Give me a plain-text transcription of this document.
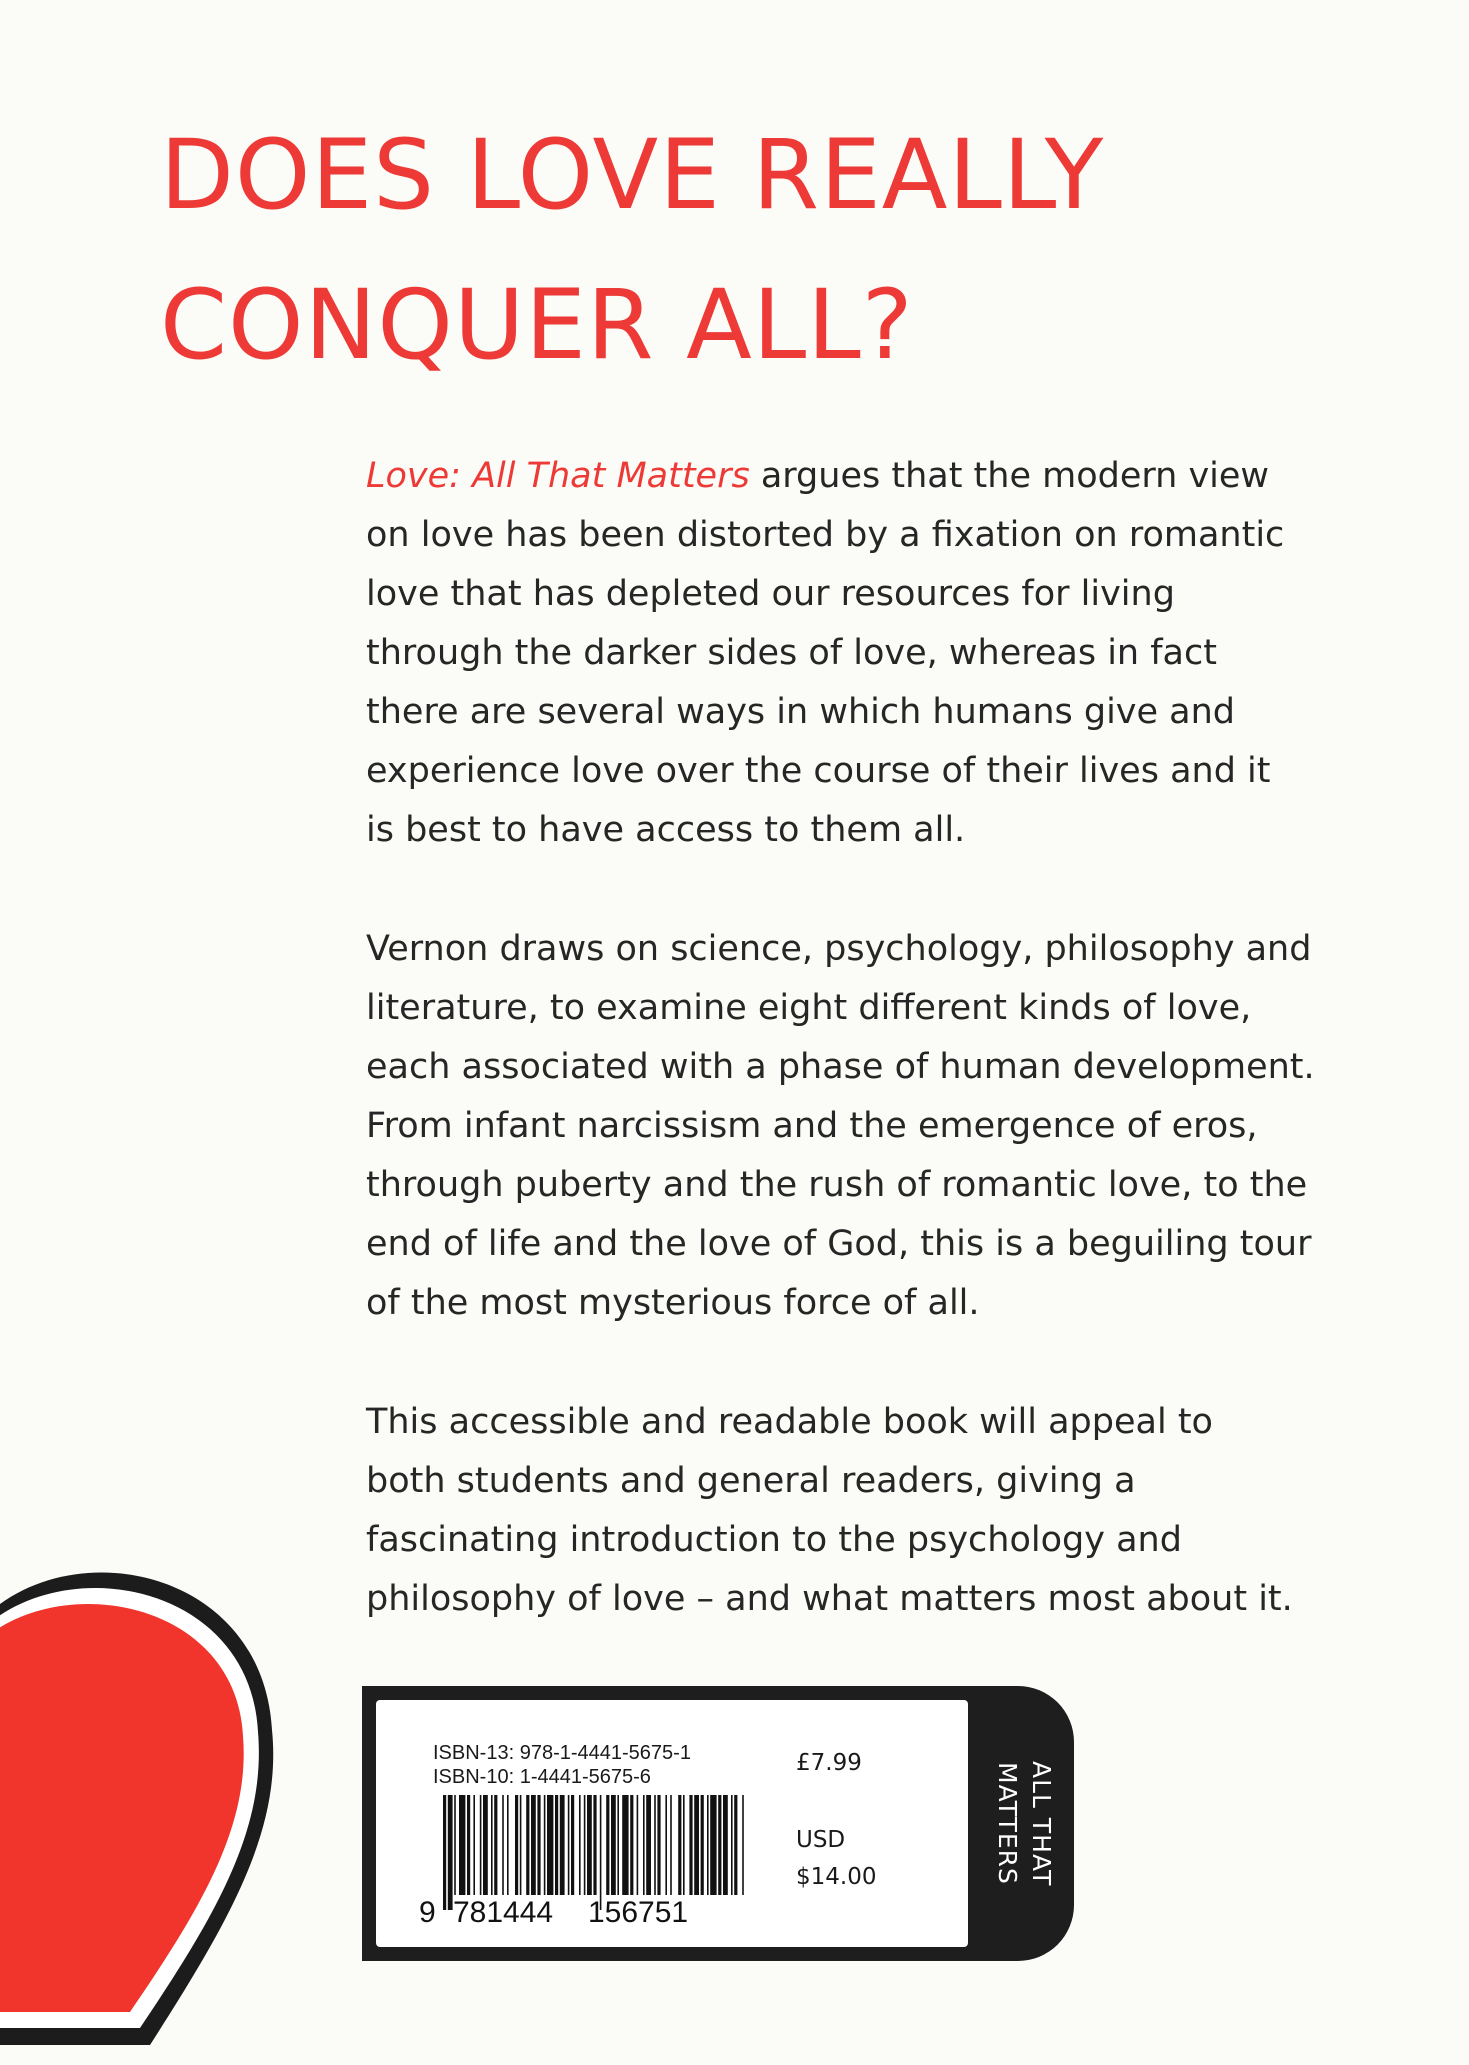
DOES LOVE REALLY
CONQUER ALL?

Love: All That Matters argues that the modern view
on love has been distorted by a fixation on romantic
love that has depleted our resources for living
through the darker sides of love, whereas in fact
there are several ways in which humans give and
experience love over the course of their lives and it
is best to have access to them all.

Vernon draws on science, psychology, philosophy and
literature, to examine eight different kinds of love,
each associated with a phase of human development.
From infant narcissism and the emergence of eros,
through puberty and the rush of romantic love, to the
end of life and the love of God, this is a beguiling tour
of the most mysterious force of all.

This accessible and readable book will appeal to
both students and general readers, giving a
fascinating introduction to the psychology and
philosophy of love – and what matters most about it.

ISBN-13: 978-1-4441-5675-1
ISBN-10: 1-4441-5675-6
9 781444 156751
£7.99
USD
$14.00	ALL THAT
MATTERS
